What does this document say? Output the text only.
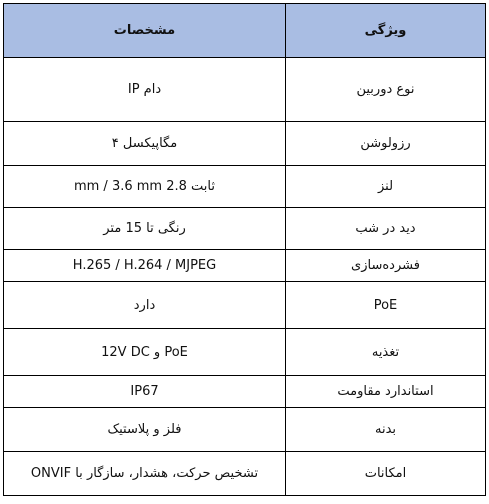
ویژگی	مشخصات
نوع دوربین	دام IP
رزولوشن	مگاپیکسل ۴
لنز	ثابت 2.8 mm / 3.6 mm
دید در شب	رنگی تا 15 متر
فشرده‌سازی	H.265 / H.264 / MJPEG
PoE	دارد
تغذیه	PoE و 12V DC
استاندارد مقاومت	IP67
بدنه	فلز و پلاستیک
امکانات	تشخیص حرکت، هشدار، سازگار با ONVIF
